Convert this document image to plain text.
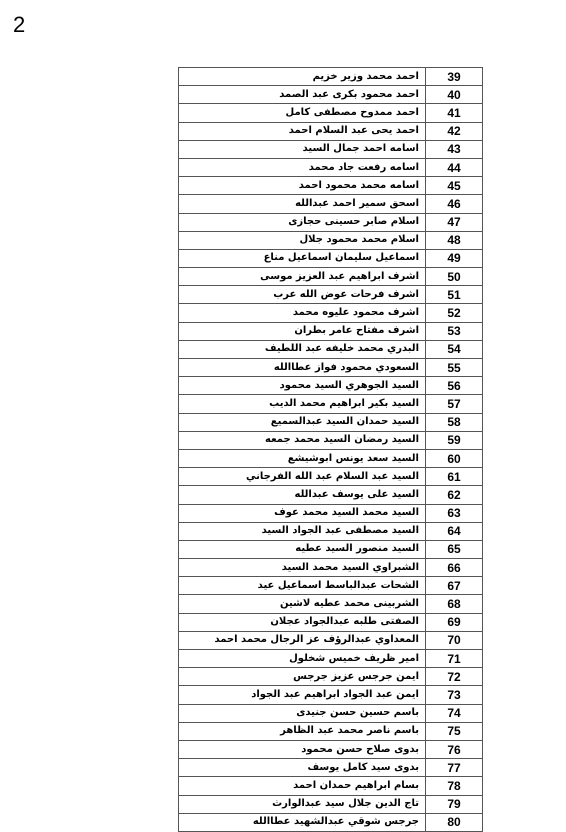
2
احمد محمد وزير خزيم	39
احمد محمود بكرى عبد الصمد	40
احمد ممدوح مصطفى كامل	41
احمد يحى عبد السلام احمد	42
اسامه احمد جمال السيد	43
اسامه رفعت جاد محمد	44
اسامه محمد محمود احمد	45
اسحق سمير احمد عبدالله	46
اسلام صابر حسينى حجازى	47
اسلام محمد محمود جلال	48
اسماعيل سليمان اسماعيل مناع	49
اشرف ابراهيم عبد العزيز موسى	50
اشرف فرحات عوض الله عرب	51
اشرف محمود عليوه محمد	52
اشرف مفتاح عامر بطران	53
البدري محمد خليفه عبد اللطيف	54
السعودي محمود فواز عطاالله	55
السيد الجوهري السيد محمود	56
السيد بكير ابراهيم محمد الديب	57
السيد حمدان السيد عبدالسميع	58
السيد رمضان السيد محمد جمعه	59
السيد سعد يونس ابوشيشع	60
السيد عبد السلام عبد الله الفرجاني	61
السيد على يوسف عبدالله	62
السيد محمد السيد محمد عوف	63
السيد مصطفى عبد الجواد السيد	64
السيد منصور السيد عطيه	65
الشبراوي السيد محمد السيد	66
الشحات عبدالباسط اسماعيل عيد	67
الشربينى محمد عطيه لاشين	68
الصفتى طلبه عبدالجواد عجلان	69
المعداوي عبدالرؤف عز الرجال محمد احمد	70
امير ظريف خميس شخلول	71
ايمن جرجس عزيز جرجس	72
ايمن عبد الجواد ابراهيم عبد الجواد	73
باسم حسين حسن جنيدى	74
باسم ناصر محمد عبد الظاهر	75
بدوى صلاح حسن محمود	76
بدوى سيد كامل يوسف	77
بسام ابراهيم حمدان احمد	78
تاج الدين جلال سيد عبدالوارث	79
جرجس شوقي عبدالشهيد عطاالله	80
